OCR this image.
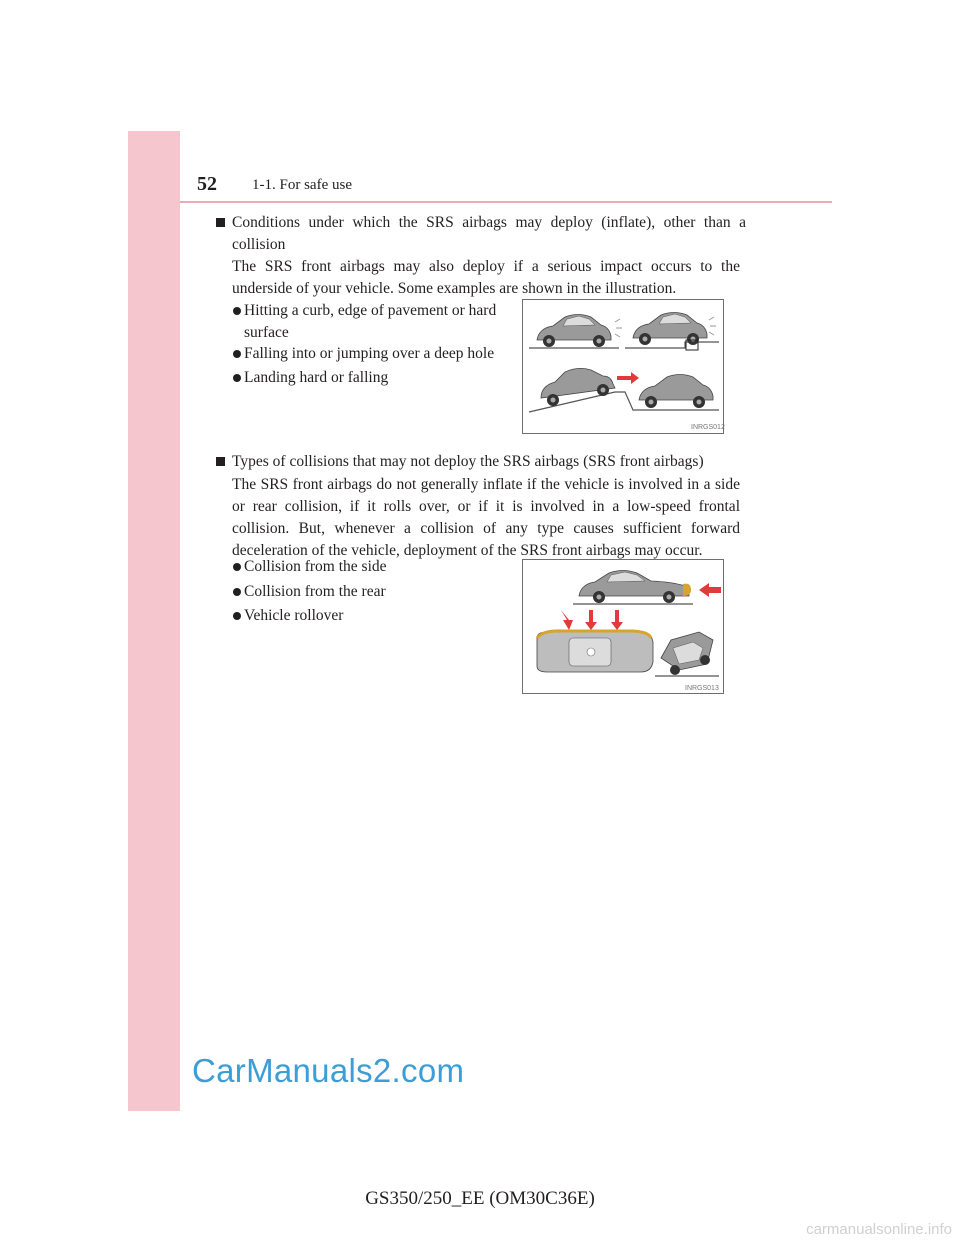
52 1-1. For safe use
Conditions under which the SRS airbags may deploy (inflate), other than a collision
The SRS front airbags may also deploy if a serious impact occurs to the underside of your vehicle. Some examples are shown in the illustration.
Hitting a curb, edge of pavement or hard surface
Falling into or jumping over a deep hole
Landing hard or falling
INRGS012
Types of collisions that may not deploy the SRS airbags (SRS front airbags)
The SRS front airbags do not generally inflate if the vehicle is involved in a side or rear collision, if it rolls over, or if it is involved in a low-speed frontal collision. But, whenever a collision of any type causes sufficient forward deceleration of the vehicle, deployment of the SRS front airbags may occur.
Collision from the side
Collision from the rear
Vehicle rollover
INRGS013
CarManuals2.com
GS350/250_EE (OM30C36E)
carmanualsonline.info
